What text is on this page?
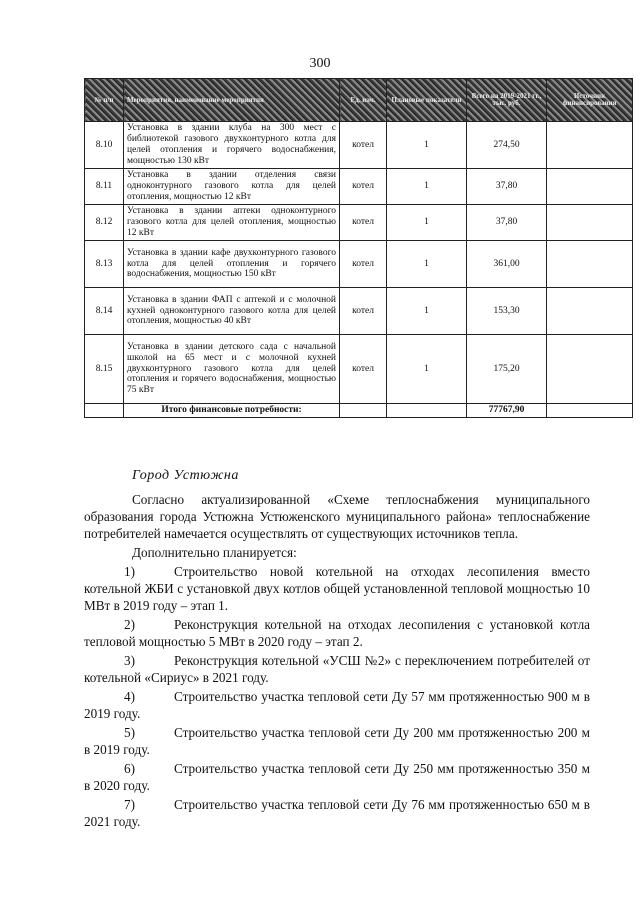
300
№ п/п	Мероприятия, наименование мероприятия	Ед. изм.	Плановые показатели	Всего на 2019-2021 гг., тыс. руб.	Источник финансирования
8.10	Установка в здании клуба на 300 мест с библиотекой газового двухконтурного котла для целей отопления и горячего водоснабжения, мощностью 130 кВт	котел	1	274,50	
8.11	Установка в здании отделения связи одноконтурного газового котла для целей отопления, мощностью 12 кВт	котел	1	37,80	
8.12	Установка в здании аптеки одноконтурного газового котла для целей отопления, мощностью 12 кВт	котел	1	37,80	
8.13	Установка в здании кафе двухконтурного газового котла для целей отопления и горячего водоснабжения, мощностью 150 кВт	котел	1	361,00	
8.14	Установка в здании ФАП с аптекой и с молочной кухней одноконтурного газового котла для целей отопления, мощностью 40 кВт	котел	1	153,30	
8.15	Установка в здании детского сада с начальной школой на 65 мест и с молочной кухней двухконтурного газового котла для целей отопления и горячего водоснабжения, мощностью 75 кВт	котел	1	175,20	
	Итого финансовые потребности:			77767,90	
Город Устюжна

Согласно актуализированной «Схеме теплоснабжения муниципального образования города Устюжна Устюженского муниципального района» теплоснабжение потребителей намечается осуществлять от существующих источников тепла.

Дополнительно планируется:

1)	Строительство новой котельной на отходах лесопиления вместо котельной ЖБИ с установкой двух котлов общей установленной тепловой мощностью 10 МВт в 2019 году – этап 1.

2)	Реконструкция котельной на отходах лесопиления с установкой котла тепловой мощностью 5 МВт в 2020 году – этап 2.

3)	Реконструкция котельной «УСШ №2» с переключением потребителей от котельной «Сириус» в 2021 году.

4)	Строительство участка тепловой сети Ду 57 мм протяженностью 900 м в 2019 году.

5)	Строительство участка тепловой сети Ду 200 мм протяженностью 200 м в 2019 году.

6)	Строительство участка тепловой сети Ду 250 мм протяженностью 350 м в 2020 году.

7)	Строительство участка тепловой сети Ду 76 мм протяженностью 650 м в 2021 году.
